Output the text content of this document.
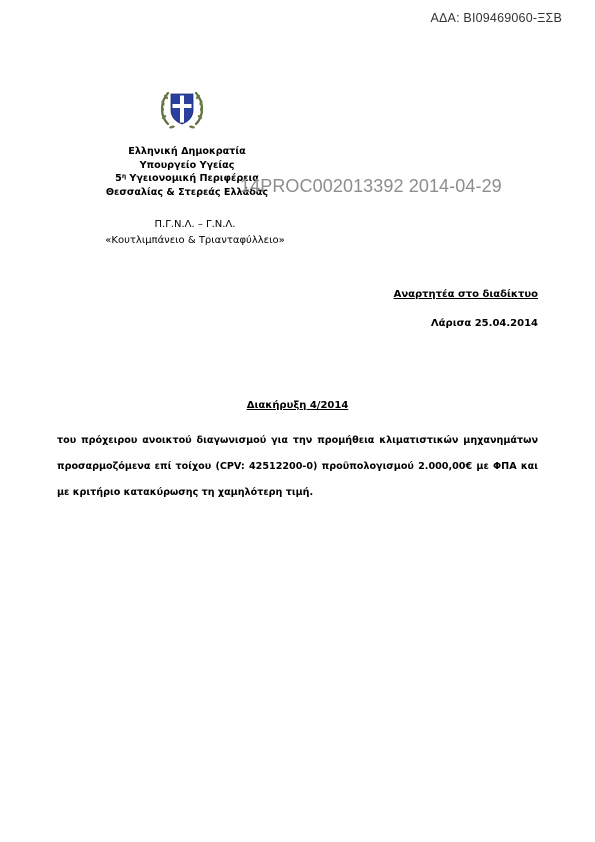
ΑΔΑ: ΒΙ09469060-ΞΣΒ
Ελληνική Δημοκρατία
Υπουργείο Υγείας
$5^\eta$ Υγειονομική Περιφέρεια
Θεσσαλίας & Στερεάς Ελλάδας
14PROC002013392 2014-04-29
Π.Γ.Ν.Λ. – Γ.Ν.Λ.
«Κουτλιμπάνειο & Τριανταφύλλειο»
Αναρτητέα στο διαδίκτυο
Λάρισα 25.04.2014
Διακήρυξη 4/2014
του πρόχειρου ανοικτού διαγωνισμού για την προμήθεια κλιματιστικών μηχανημάτων προσαρμοζόμενα επί τοίχου (CPV: 42512200-0) προϋπολογισμού 2.000,00€ με ΦΠΑ και με κριτήριο κατακύρωσης τη χαμηλότερη τιμή.
